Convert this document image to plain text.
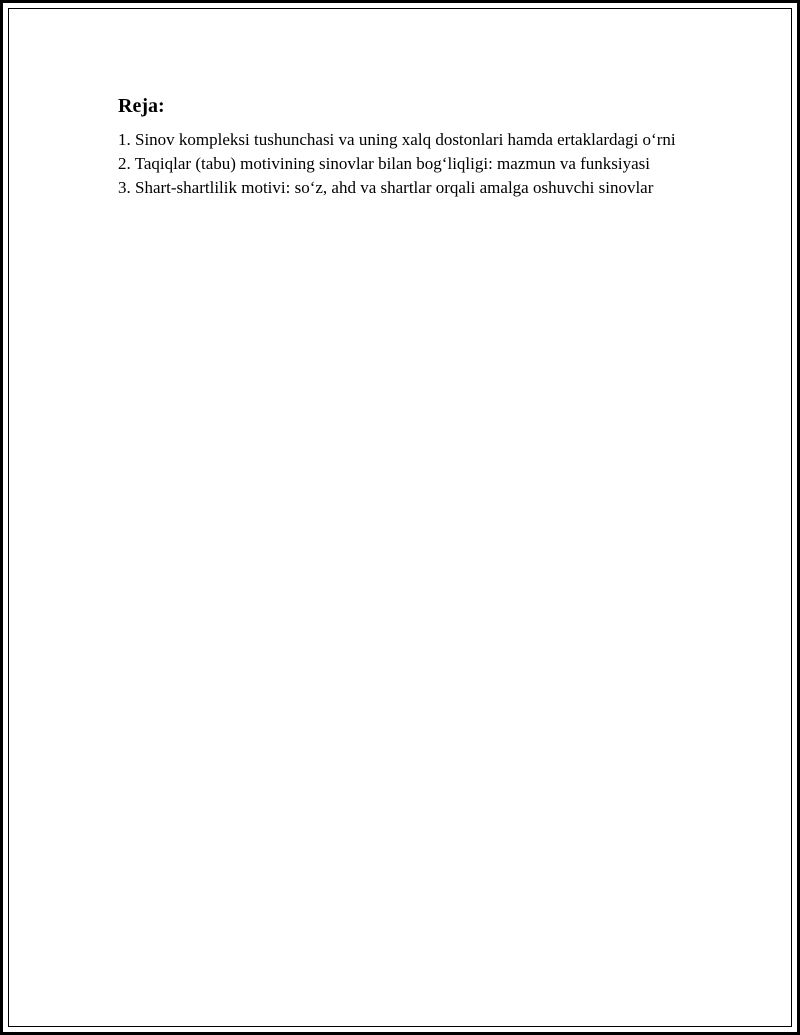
Reja:

1. Sinov kompleksi tushunchasi va uning xalq dostonlari hamda ertaklardagi o‘rni

2. Taqiqlar (tabu) motivining sinovlar bilan bog‘liqligi: mazmun va funksiyasi

3. Shart-shartlilik motivi: so‘z, ahd va shartlar orqali amalga oshuvchi sinovlar
